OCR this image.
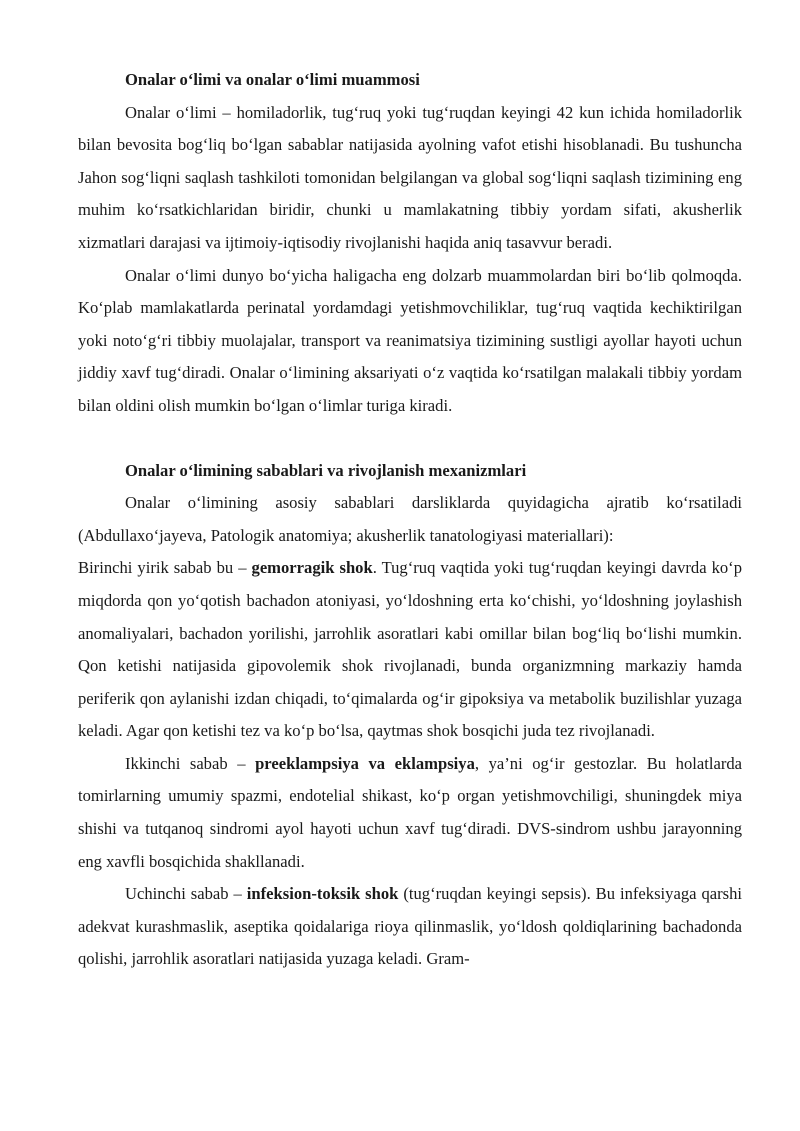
Onalar o‘limi va onalar o‘limi muammosi

Onalar o‘limi – homiladorlik, tug‘ruq yoki tug‘ruqdan keyingi 42 kun ichida homiladorlik bilan bevosita bog‘liq bo‘lgan sabablar natijasida ayolning vafot etishi hisoblanadi. Bu tushuncha Jahon sog‘liqni saqlash tashkiloti tomonidan belgilangan va global sog‘liqni saqlash tizimining eng muhim ko‘rsatkichlaridan biridir, chunki u mamlakatning tibbiy yordam sifati, akusherlik xizmatlari darajasi va ijtimoiy-iqtisodiy rivojlanishi haqida aniq tasavvur beradi.

Onalar o‘limi dunyo bo‘yicha haligacha eng dolzarb muammolardan biri bo‘lib qolmoqda. Ko‘plab mamlakatlarda perinatal yordamdagi yetishmovchiliklar, tug‘ruq vaqtida kechiktirilgan yoki noto‘g‘ri tibbiy muolajalar, transport va reanimatsiya tizimining sustligi ayollar hayoti uchun jiddiy xavf tug‘diradi. Onalar o‘limining aksariyati o‘z vaqtida ko‘rsatilgan malakali tibbiy yordam bilan oldini olish mumkin bo‘lgan o‘limlar turiga kiradi.

Onalar o‘limining sabablari va rivojlanish mexanizmlari

Onalar o‘limining asosiy sabablari darsliklarda quyidagicha ajratib ko‘rsatiladi (Abdullaxo‘jayeva, Patologik anatomiya; akusherlik tanatologiyasi materiallari):

Birinchi yirik sabab bu – gemorragik shok. Tug‘ruq vaqtida yoki tug‘ruqdan keyingi davrda ko‘p miqdorda qon yo‘qotish bachadon atoniyasi, yo‘ldoshning erta ko‘chishi, yo‘ldoshning joylashish anomaliyalari, bachadon yorilishi, jarrohlik asoratlari kabi omillar bilan bog‘liq bo‘lishi mumkin. Qon ketishi natijasida gipovolemik shok rivojlanadi, bunda organizmning markaziy hamda periferik qon aylanishi izdan chiqadi, to‘qimalarda og‘ir gipoksiya va metabolik buzilishlar yuzaga keladi. Agar qon ketishi tez va ko‘p bo‘lsa, qaytmas shok bosqichi juda tez rivojlanadi.

Ikkinchi sabab – preeklampsiya va eklampsiya, ya’ni og‘ir gestozlar. Bu holatlarda tomirlarning umumiy spazmi, endotelial shikast, ko‘p organ yetishmovchiligi, shuningdek miya shishi va tutqanoq sindromi ayol hayoti uchun xavf tug‘diradi. DVS-sindrom ushbu jarayonning eng xavfli bosqichida shakllanadi.

Uchinchi sabab – infeksion-toksik shok (tug‘ruqdan keyingi sepsis). Bu infeksiyaga qarshi adekvat kurashmaslik, aseptika qoidalariga rioya qilinmaslik, yo‘ldosh qoldiqlarining bachadonda qolishi, jarrohlik asoratlari natijasida yuzaga keladi. Gram-
